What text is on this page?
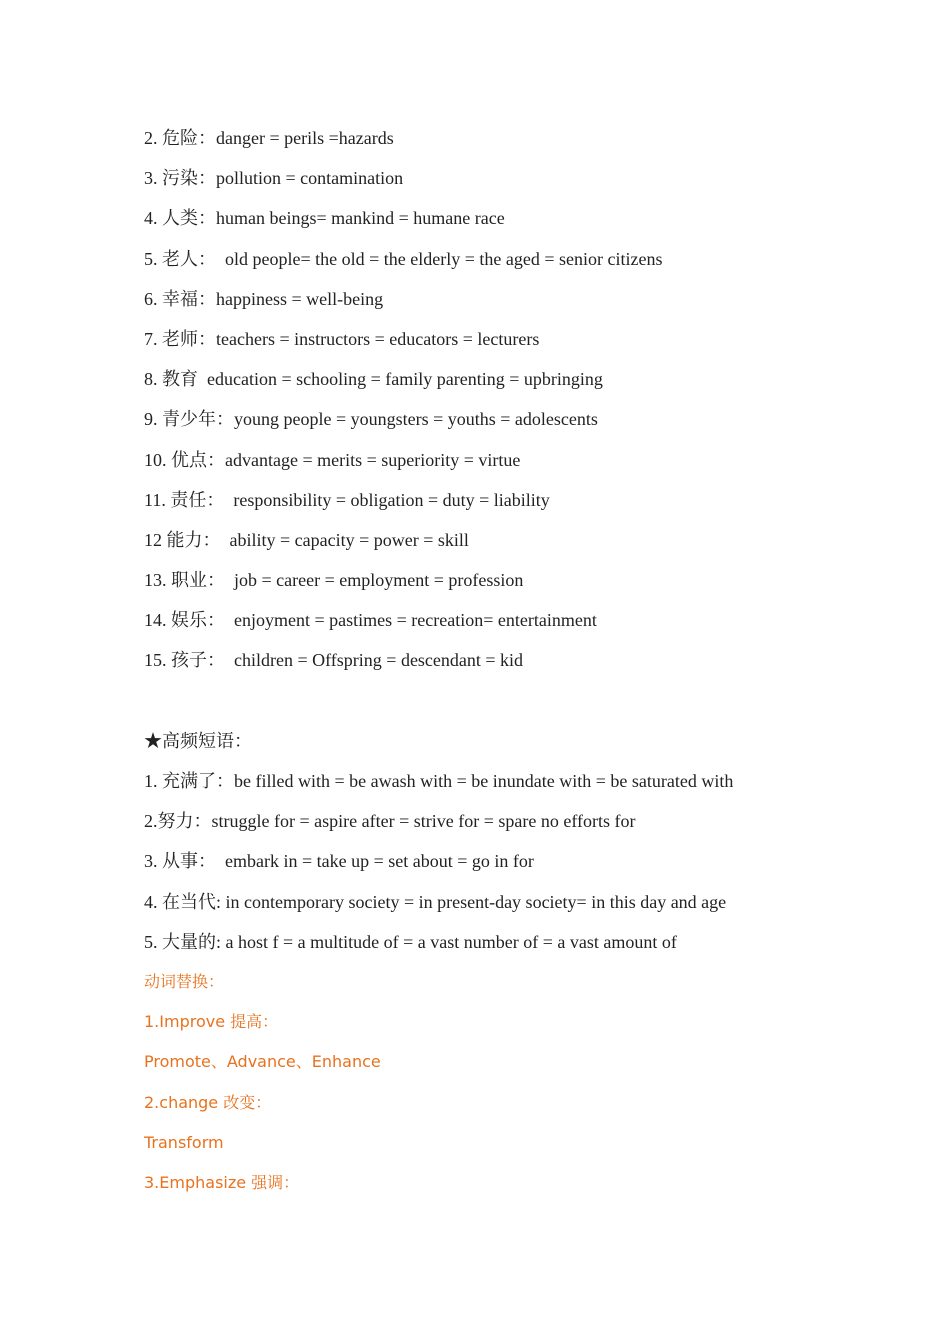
2. 危险：danger = perils =hazards
3. 污染：pollution = contamination
4. 人类：human beings= mankind = humane race
5. 老人：  old people= the old = the elderly = the aged = senior citizens
6. 幸福：happiness = well-being
7. 老师：teachers = instructors = educators = lecturers
8. 教育  education = schooling = family parenting = upbringing
9. 青少年：young people = youngsters = youths = adolescents
10. 优点：advantage = merits = superiority = virtue
11. 责任：  responsibility = obligation = duty = liability
12 能力：  ability = capacity = power = skill
13. 职业：  job = career = employment = profession
14. 娱乐：  enjoyment = pastimes = recreation= entertainment
15. 孩子：  children = Offspring = descendant = kid
★高频短语：
1. 充满了：be filled with = be awash with = be inundate with = be saturated with
2.努力：struggle for = aspire after = strive for = spare no efforts for
3. 从事：  embark in = take up = set about = go in for
4. 在当代: in contemporary society = in present-day society= in this day and age
5. 大量的: a host f = a multitude of = a vast number of = a vast amount of
动词替换：
1.Improve 提高：
Promote、Advance、Enhance
2.change 改变：
Transform
3.Emphasize 强调：
